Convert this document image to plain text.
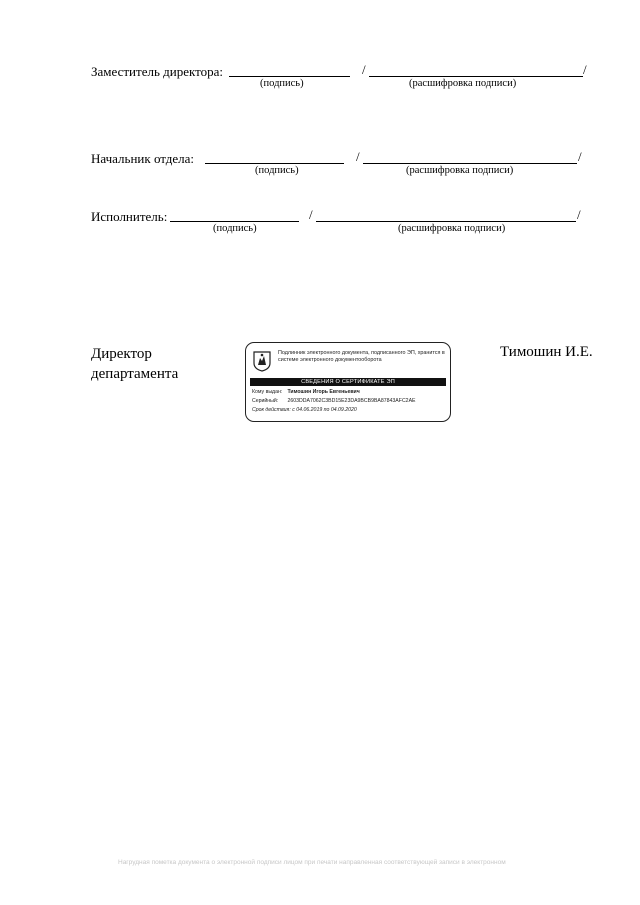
Заместитель директора:	/	/
(подпись)	(расшифровка подписи)
Начальник отдела:	/	/
(подпись)	(расшифровка подписи)
Исполнитель:	/	/
(подпись)	(расшифровка подписи)
Директор
департамента
Тимошин И.Е.
Подлинник электронного документа, подписанного ЭП, хранится в системе электронного документооборота
СВЕДЕНИЯ О СЕРТИФИКАТЕ ЭП
Кому выдан: Тимошин Игорь Евгеньевич
Серийный: 2603DDA7062C3BD15E23DA9BCB9BA87843AFC2AE
Срок действия: с 04.06.2019 по 04.09.2020
Нагрудная пометка документа о электронной подписи лицом при печати направленная соответствующей записи в электронном
